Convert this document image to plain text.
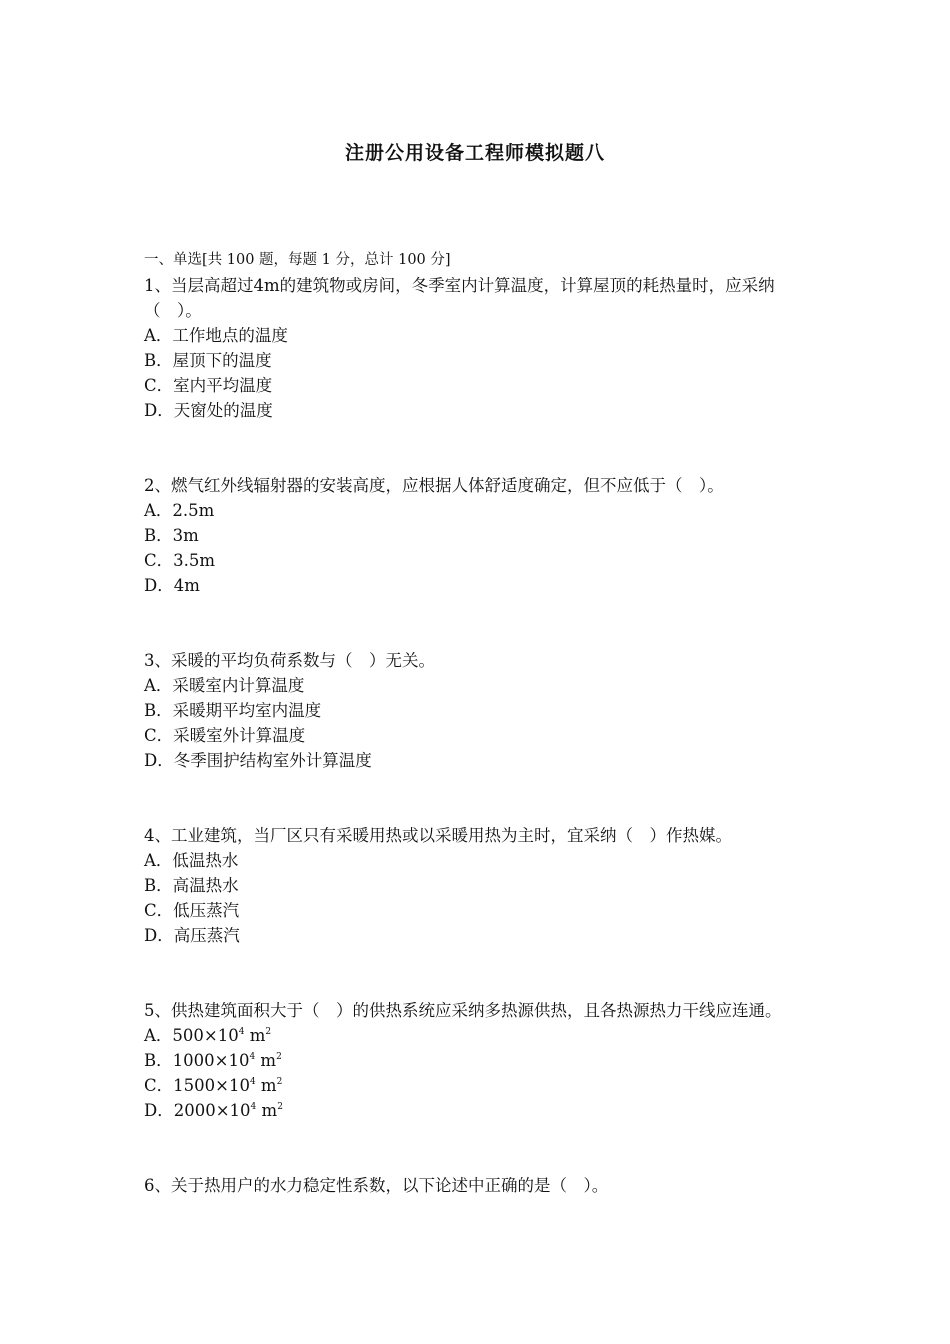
注册公用设备工程师模拟题八
一、单选[共 100 题，每题 1 分，总计 100 分]
1、当层高超过4m的建筑物或房间，冬季室内计算温度，计算屋顶的耗热量时，应采纳（　）。
A．工作地点的温度
B．屋顶下的温度
C．室内平均温度
D．天窗处的温度
2、燃气红外线辐射器的安装高度，应根据人体舒适度确定，但不应低于（　）。
A．2.5m
B．3m
C．3.5m
D．4m
3、采暖的平均负荷系数与（　）无关。
A．采暖室内计算温度
B．采暖期平均室内温度
C．采暖室外计算温度
D．冬季围护结构室外计算温度
4、工业建筑，当厂区只有采暖用热或以采暖用热为主时，宜采纳（　）作热媒。
A．低温热水
B．高温热水
C．低压蒸汽
D．高压蒸汽
5、供热建筑面积大于（　）的供热系统应采纳多热源供热，且各热源热力干线应连通。
A．$500\times 10^4$ $m^2$
B．$1000\times 10^4$ $m^2$
C．$1500\times 10^4$ $m^2$
D．$2000\times 10^4$ $m^2$
6、关于热用户的水力稳定性系数，以下论述中正确的是（　）。
